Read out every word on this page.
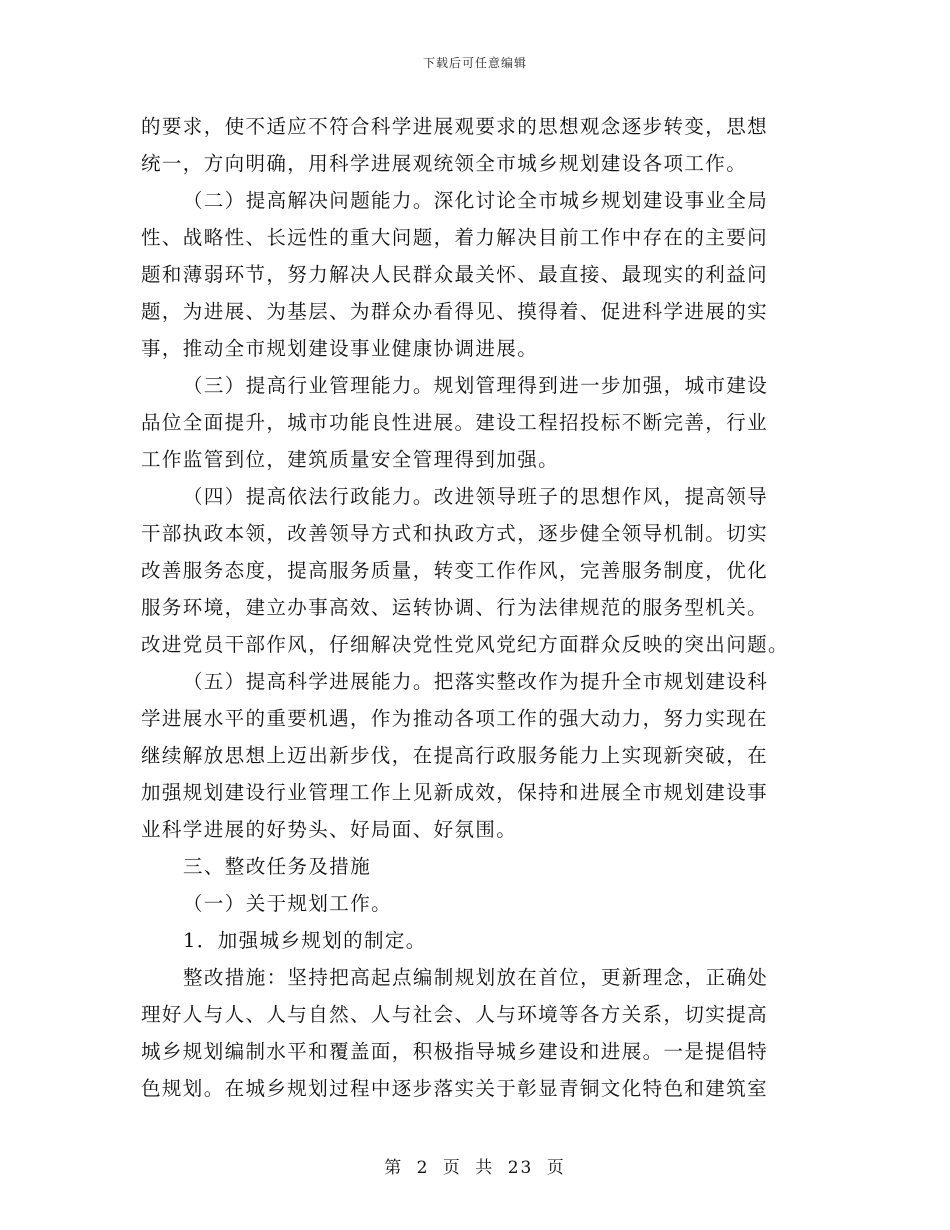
下载后可任意编辑
的要求，使不适应不符合科学进展观要求的思想观念逐步转变，思想
统一，方向明确，用科学进展观统领全市城乡规划建设各项工作。
（二）提高解决问题能力。深化讨论全市城乡规划建设事业全局
性、战略性、长远性的重大问题，着力解决目前工作中存在的主要问
题和薄弱环节，努力解决人民群众最关怀、最直接、最现实的利益问
题，为进展、为基层、为群众办看得见、摸得着、促进科学进展的实
事，推动全市规划建设事业健康协调进展。
（三）提高行业管理能力。规划管理得到进一步加强，城市建设
品位全面提升，城市功能良性进展。建设工程招投标不断完善，行业
工作监管到位，建筑质量安全管理得到加强。
（四）提高依法行政能力。改进领导班子的思想作风，提高领导
干部执政本领，改善领导方式和执政方式，逐步健全领导机制。切实
改善服务态度，提高服务质量，转变工作作风，完善服务制度，优化
服务环境，建立办事高效、运转协调、行为法律规范的服务型机关。
改进党员干部作风，仔细解决党性党风党纪方面群众反映的突出问题。
（五）提高科学进展能力。把落实整改作为提升全市规划建设科
学进展水平的重要机遇，作为推动各项工作的强大动力，努力实现在
继续解放思想上迈出新步伐，在提高行政服务能力上实现新突破，在
加强规划建设行业管理工作上见新成效，保持和进展全市规划建设事
业科学进展的好势头、好局面、好氛围。
三、整改任务及措施
（一）关于规划工作。
1．加强城乡规划的制定。
整改措施：坚持把高起点编制规划放在首位，更新理念，正确处
理好人与人、人与自然、人与社会、人与环境等各方关系，切实提高
城乡规划编制水平和覆盖面，积极指导城乡建设和进展。一是提倡特
色规划。在城乡规划过程中逐步落实关于彰显青铜文化特色和建筑室
第 2 页 共 23 页
